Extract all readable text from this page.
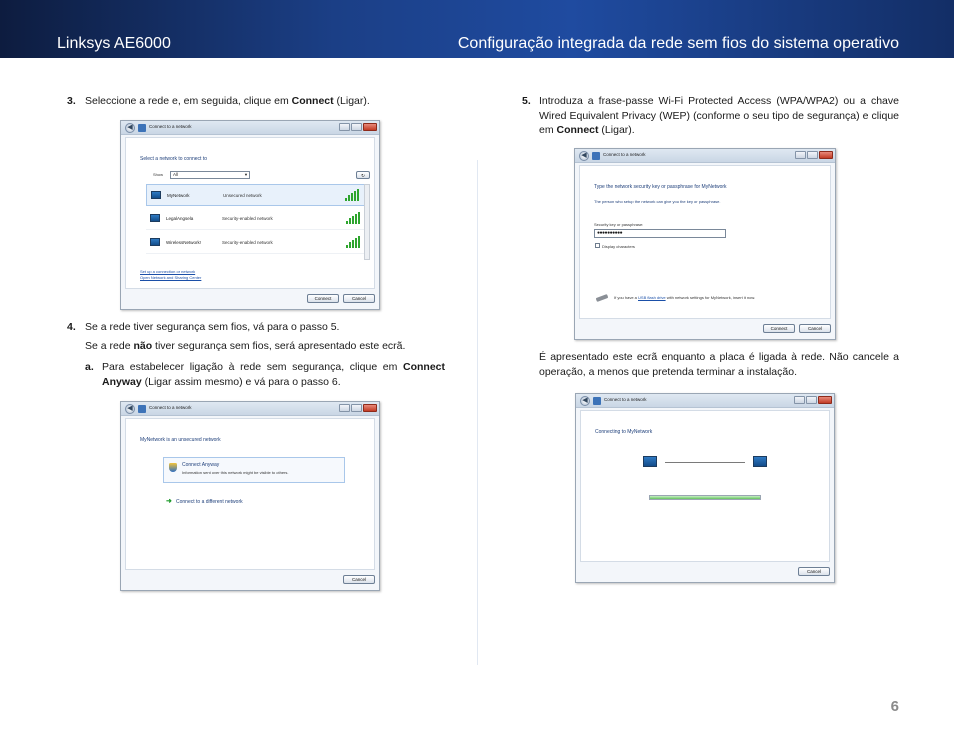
Linksys AE6000	Configuração integrada da rede sem fios do sistema operativo
3. Seleccione a rede e, em seguida, clique em Connect (Ligar).
◀	Connect to a network
Select a network to connect to
Show	All	▼	↻
MyNetwork	Unsecured network
LegalAngsela	Security-enabled network
WirelessNetwork!	Security-enabled network
Set up a connection or network
Open Network and Sharing Center
Connect	Cancel
4. Se a rede tiver segurança sem fios, vá para o passo 5.
Se a rede não tiver segurança sem fios, será apresentado este ecrã.
a. Para estabelecer ligação à rede sem segurança, clique em Connect Anyway (Ligar assim mesmo) e vá para o passo 6.
◀	Connect to a network
MyNetwork is an unsecured network
Connect Anyway
Information sent over this network might be visible to others.
➜ Connect to a different network
Cancel
5. Introduza a frase-passe Wi-Fi Protected Access (WPA/WPA2) ou a chave Wired Equivalent Privacy (WEP) (conforme o seu tipo de segurança) e clique em Connect (Ligar).
◀	Connect to a network
Type the network security key or passphrase for MyNetwork
The person who setup the network can give you the key or passphrase.
Security key or passphrase:
●●●●●●●●●●
Display characters
If you have a USB flash drive with network settings for MyNetwork, insert it now.
Connect	Cancel
É apresentado este ecrã enquanto a placa é ligada à rede. Não cancele a operação, a menos que pretenda terminar a instalação.
◀	Connect to a network
Connecting to MyNetwork
Cancel
6
